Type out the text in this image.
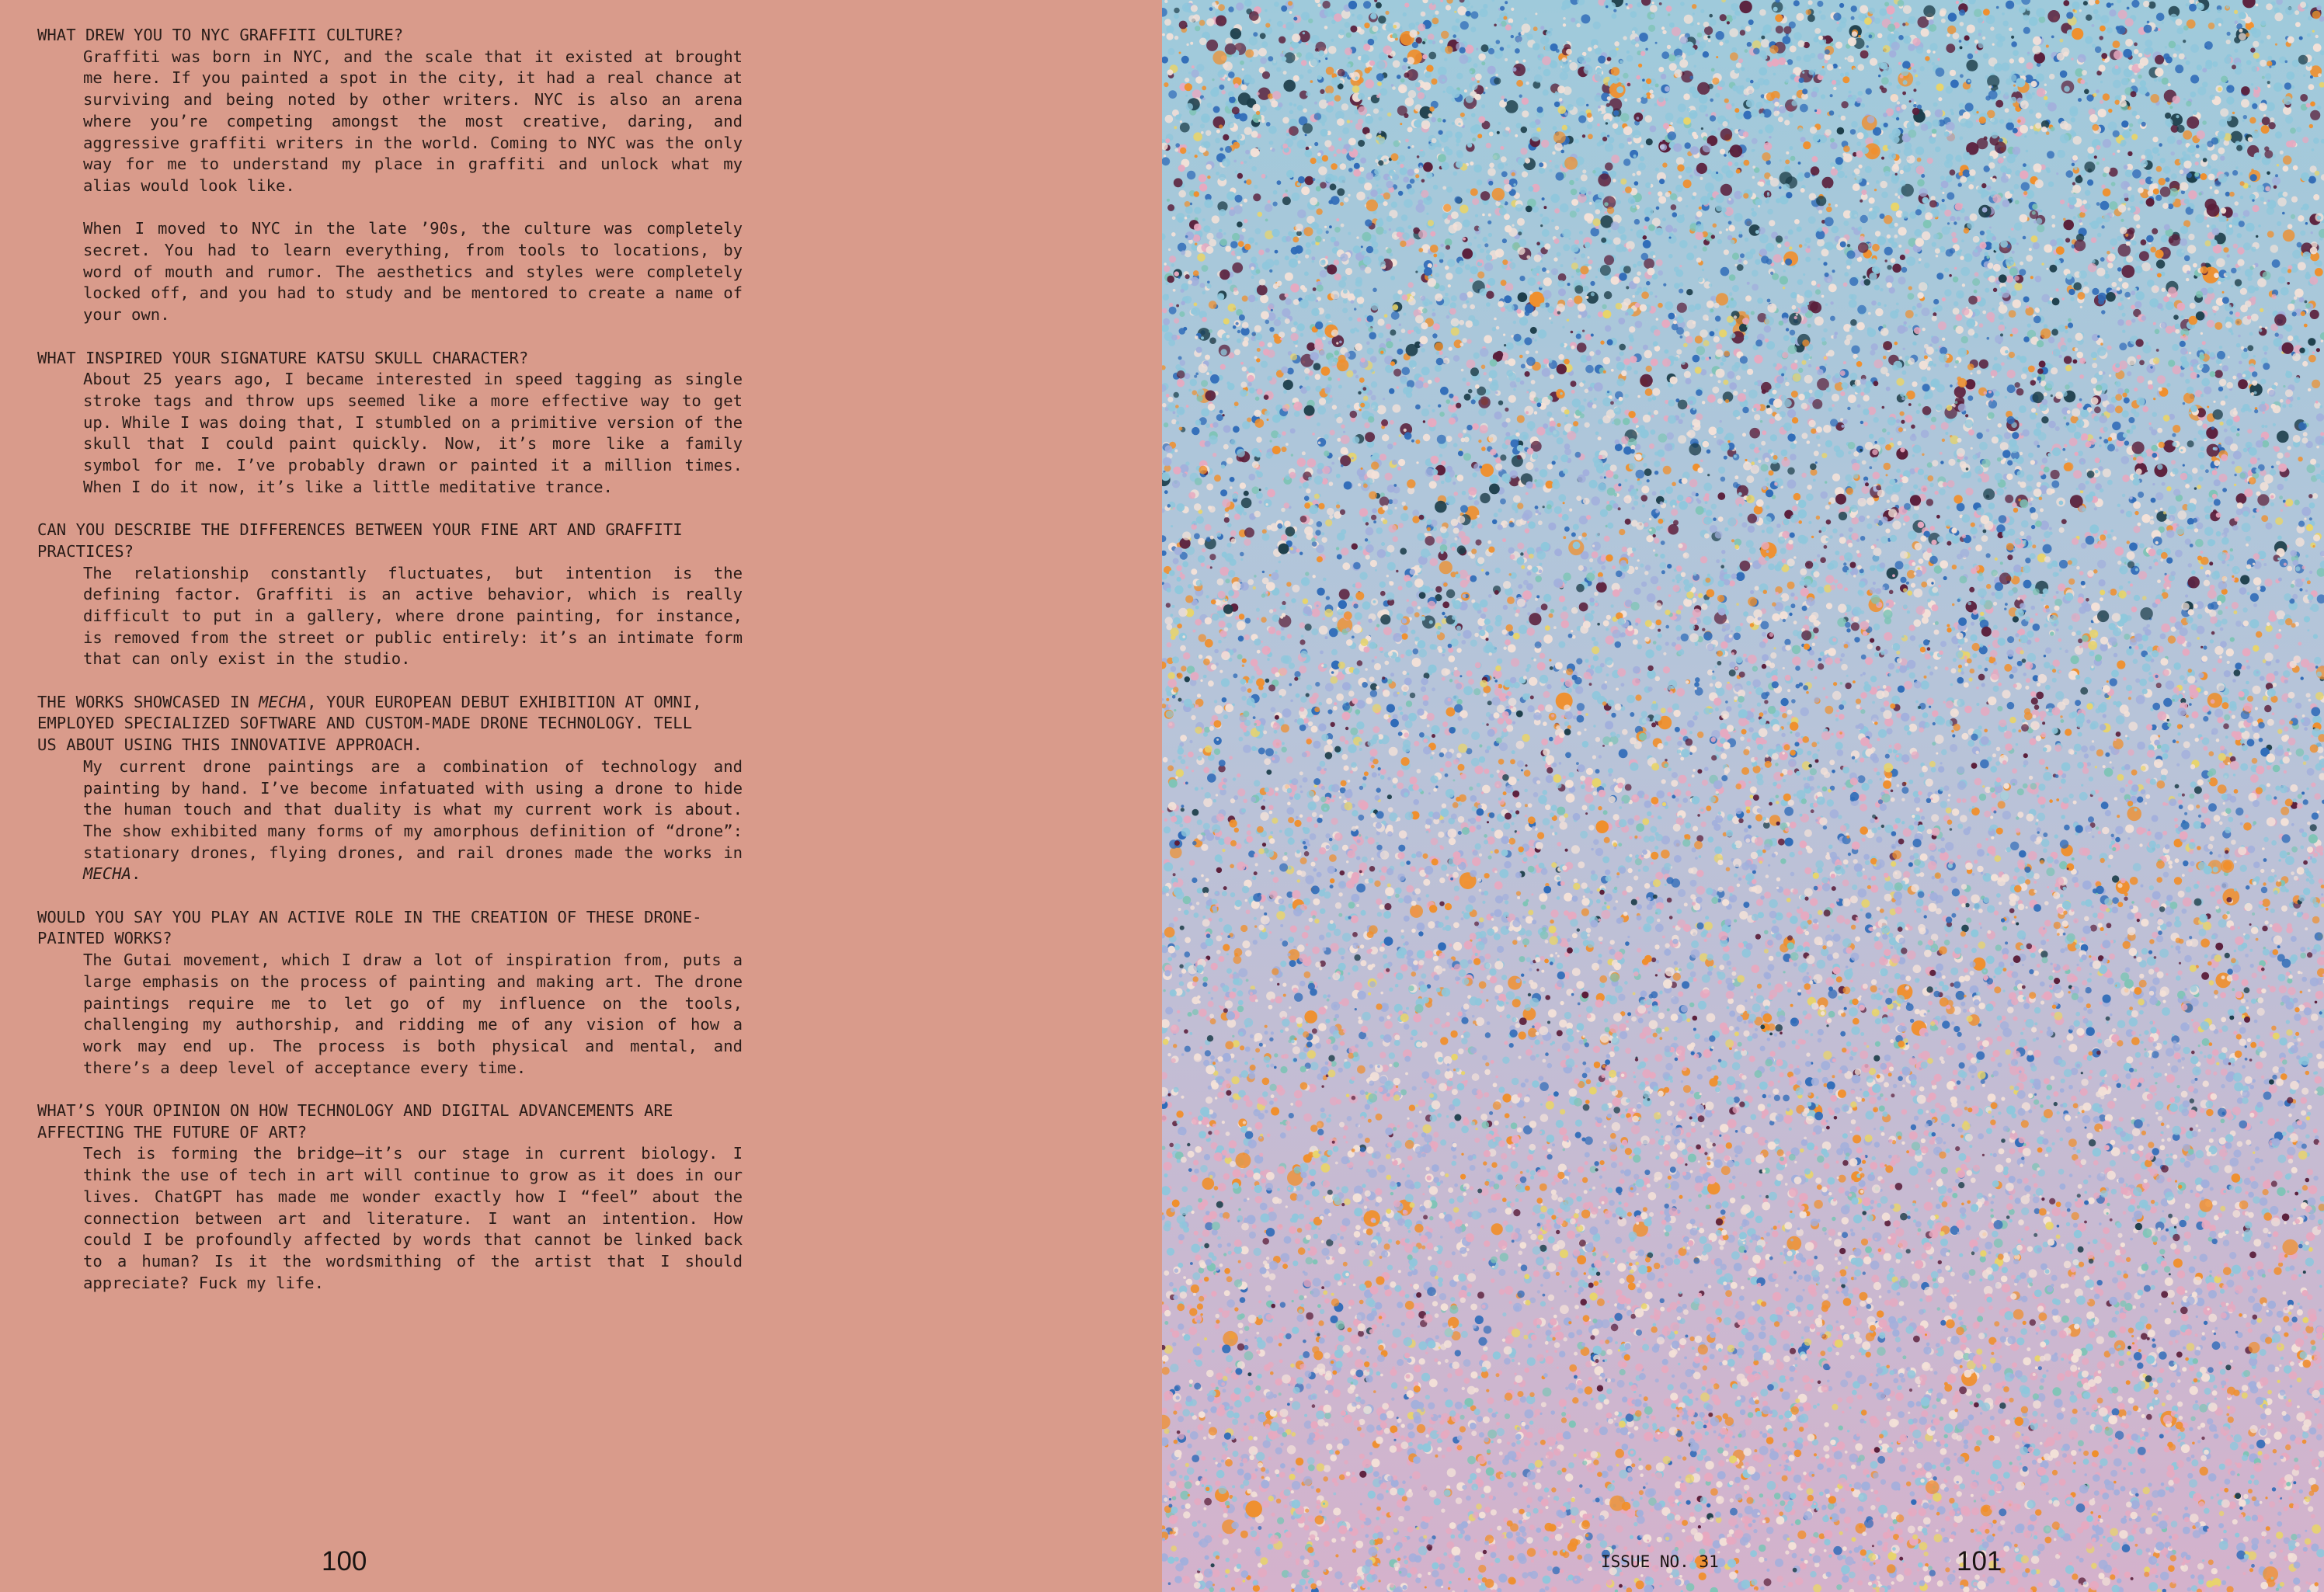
WHAT DREW YOU TO NYC GRAFFITI CULTURE?

Graffiti was born in NYC, and the scale that it existed at brought me here. If you painted a spot in the city, it had a real chance at surviving and being noted by other writers. NYC is also an arena where you’re competing amongst the most creative, daring, and aggressive graffiti writers in the world. Coming to NYC was the only way for me to understand my place in graffiti and unlock what my alias would look like.

When I moved to NYC in the late ’90s, the culture was completely secret. You had to learn everything, from tools to locations, by word of mouth and rumor. The aesthetics and styles were completely locked off, and you had to study and be mentored to create a name of your own.

WHAT INSPIRED YOUR SIGNATURE KATSU SKULL CHARACTER?

About 25 years ago, I became interested in speed tagging as single stroke tags and throw ups seemed like a more effective way to get up. While I was doing that, I stumbled on a primitive version of the skull that I could paint quickly. Now, it’s more like a family symbol for me. I’ve probably drawn or painted it a million times. When I do it now, it’s like a little meditative trance.

CAN YOU DESCRIBE THE DIFFERENCES BETWEEN YOUR FINE ART AND GRAFFITI PRACTICES?

The relationship constantly fluctuates, but intention is the defining factor. Graffiti is an active behavior, which is really difficult to put in a gallery, where drone painting, for instance, is removed from the street or public entirely: it’s an intimate form that can only exist in the studio.

THE WORKS SHOWCASED IN MECHA, YOUR EUROPEAN DEBUT EXHIBITION AT OMNI, EMPLOYED SPECIALIZED SOFTWARE AND CUSTOM-MADE DRONE TECHNOLOGY. TELL US ABOUT USING THIS INNOVATIVE APPROACH.

My current drone paintings are a combination of technology and painting by hand. I’ve become infatuated with using a drone to hide the human touch and that duality is what my current work is about. The show exhibited many forms of my amorphous definition of “drone”: stationary drones, flying drones, and rail drones made the works in MECHA.

WOULD YOU SAY YOU PLAY AN ACTIVE ROLE IN THE CREATION OF THESE DRONE-PAINTED WORKS?

The Gutai movement, which I draw a lot of inspiration from, puts a large emphasis on the process of painting and making art. The drone paintings require me to let go of my influence on the tools, challenging my authorship, and ridding me of any vision of how a work may end up. The process is both physical and mental, and there’s a deep level of acceptance every time.

WHAT’S YOUR OPINION ON HOW TECHNOLOGY AND DIGITAL ADVANCEMENTS ARE AFFECTING THE FUTURE OF ART?

Tech is forming the bridge—it’s our stage in current biology. I think the use of tech in art will continue to grow as it does in our lives. ChatGPT has made me wonder exactly how I “feel” about the connection between art and literature. I want an intention. How could I be profoundly affected by words that cannot be linked back to a human? Is it the wordsmithing of the artist that I should appreciate? Fuck my life.

100	ISSUE NO. 31	101
